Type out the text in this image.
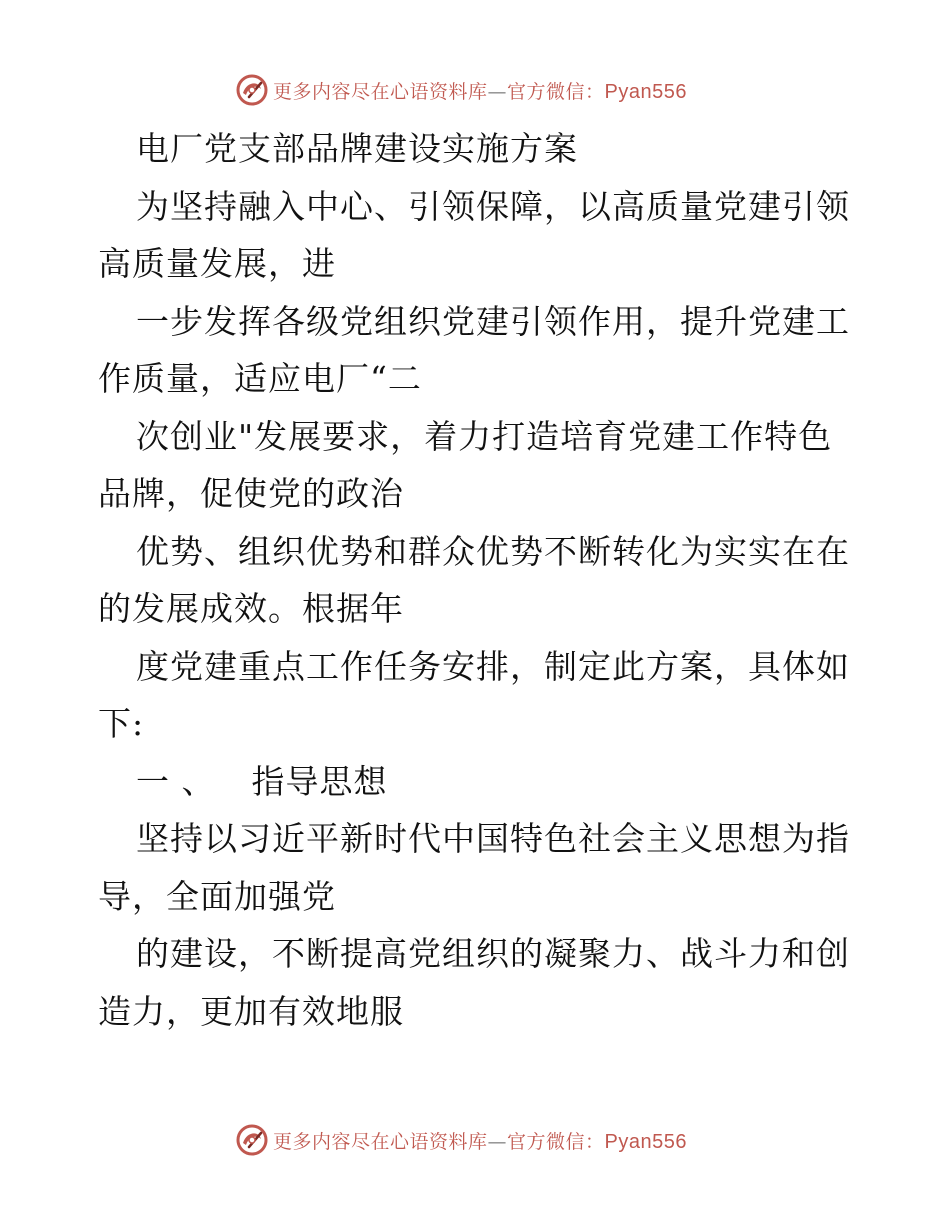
更多内容尽在心语资料库—官方微信：Pyan556
电厂党支部品牌建设实施方案
为坚持融入中心、引领保障，以高质量党建引领
高质量发展，进
一步发挥各级党组织党建引领作用，提升党建工
作质量，适应电厂“二
次创业"发展要求，着力打造培育党建工作特色
品牌，促使党的政治
优势、组织优势和群众优势不断转化为实实在在
的发展成效。根据年
度党建重点工作任务安排，制定此方案，具体如
下:
一 、 指导思想
坚持以习近平新时代中国特色社会主义思想为指
导，全面加强党
的建设，不断提高党组织的凝聚力、战斗力和创
造力，更加有效地服
更多内容尽在心语资料库—官方微信：Pyan556
